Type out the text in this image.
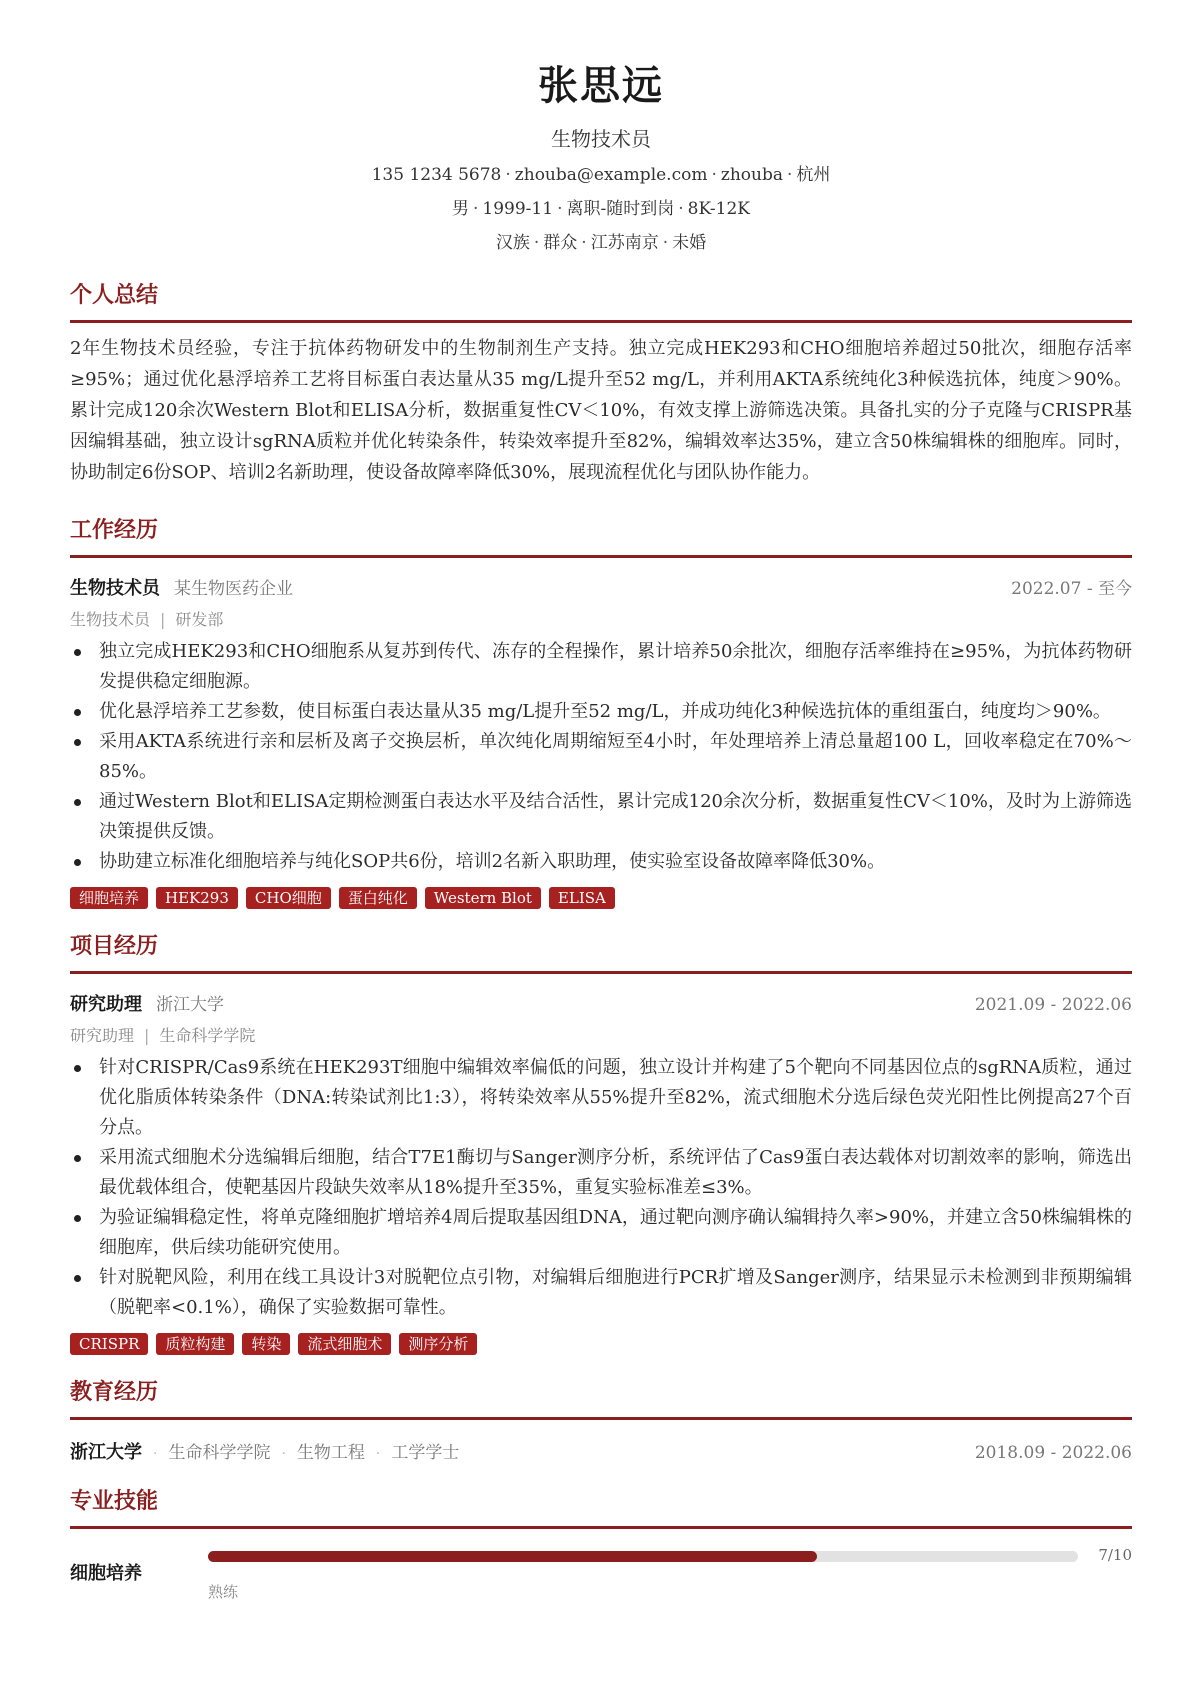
张思远
生物技术员
135 1234 5678 · zhouba@example.com · zhouba · 杭州
男 · 1999-11 · 离职-随时到岗 · 8K-12K
汉族 · 群众 · 江苏南京 · 未婚
个人总结
2年生物技术员经验，专注于抗体药物研发中的生物制剂生产支持。独立完成HEK293和CHO细胞培养超过50批次，细胞存活率≥95%；通过优化悬浮培养工艺将目标蛋白表达量从35 mg/L提升至52 mg/L，并利用AKTA系统纯化3种候选抗体，纯度＞90%。累计完成120余次Western Blot和ELISA分析，数据重复性CV＜10%，有效支撑上游筛选决策。具备扎实的分子克隆与CRISPR基因编辑基础，独立设计sgRNA质粒并优化转染条件，转染效率提升至82%，编辑效率达35%，建立含50株编辑株的细胞库。同时，协助制定6份SOP、培训2名新助理，使设备故障率降低30%，展现流程优化与团队协作能力。
工作经历
生物技术员 某生物医药企业	2022.07 - 至今
生物技术员 | 研发部
独立完成HEK293和CHO细胞系从复苏到传代、冻存的全程操作，累计培养50余批次，细胞存活率维持在≥95%，为抗体药物研发提供稳定细胞源。
优化悬浮培养工艺参数，使目标蛋白表达量从35 mg/L提升至52 mg/L，并成功纯化3种候选抗体的重组蛋白，纯度均＞90%。
采用AKTA系统进行亲和层析及离子交换层析，单次纯化周期缩短至4小时，年处理培养上清总量超100 L，回收率稳定在70%～85%。
通过Western Blot和ELISA定期检测蛋白表达水平及结合活性，累计完成120余次分析，数据重复性CV＜10%，及时为上游筛选决策提供反馈。
协助建立标准化细胞培养与纯化SOP共6份，培训2名新入职助理，使实验室设备故障率降低30%。
细胞培养	HEK293	CHO细胞	蛋白纯化	Western Blot	ELISA
项目经历
研究助理 浙江大学	2021.09 - 2022.06
研究助理 | 生命科学学院
针对CRISPR/Cas9系统在HEK293T细胞中编辑效率偏低的问题，独立设计并构建了5个靶向不同基因位点的sgRNA质粒，通过优化脂质体转染条件（DNA:转染试剂比1:3），将转染效率从55%提升至82%，流式细胞术分选后绿色荧光阳性比例提高27个百分点。
采用流式细胞术分选编辑后细胞，结合T7E1酶切与Sanger测序分析，系统评估了Cas9蛋白表达载体对切割效率的影响，筛选出最优载体组合，使靶基因片段缺失效率从18%提升至35%，重复实验标准差≤3%。
为验证编辑稳定性，将单克隆细胞扩增培养4周后提取基因组DNA，通过靶向测序确认编辑持久率>90%，并建立含50株编辑株的细胞库，供后续功能研究使用。
针对脱靶风险，利用在线工具设计3对脱靶位点引物，对编辑后细胞进行PCR扩增及Sanger测序，结果显示未检测到非预期编辑（脱靶率<0.1%），确保了实验数据可靠性。
CRISPR	质粒构建	转染	流式细胞术	测序分析
教育经历
浙江大学 · 生命科学学院 · 生物工程 · 工学学士	2018.09 - 2022.06
专业技能
细胞培养
7/10
熟练
